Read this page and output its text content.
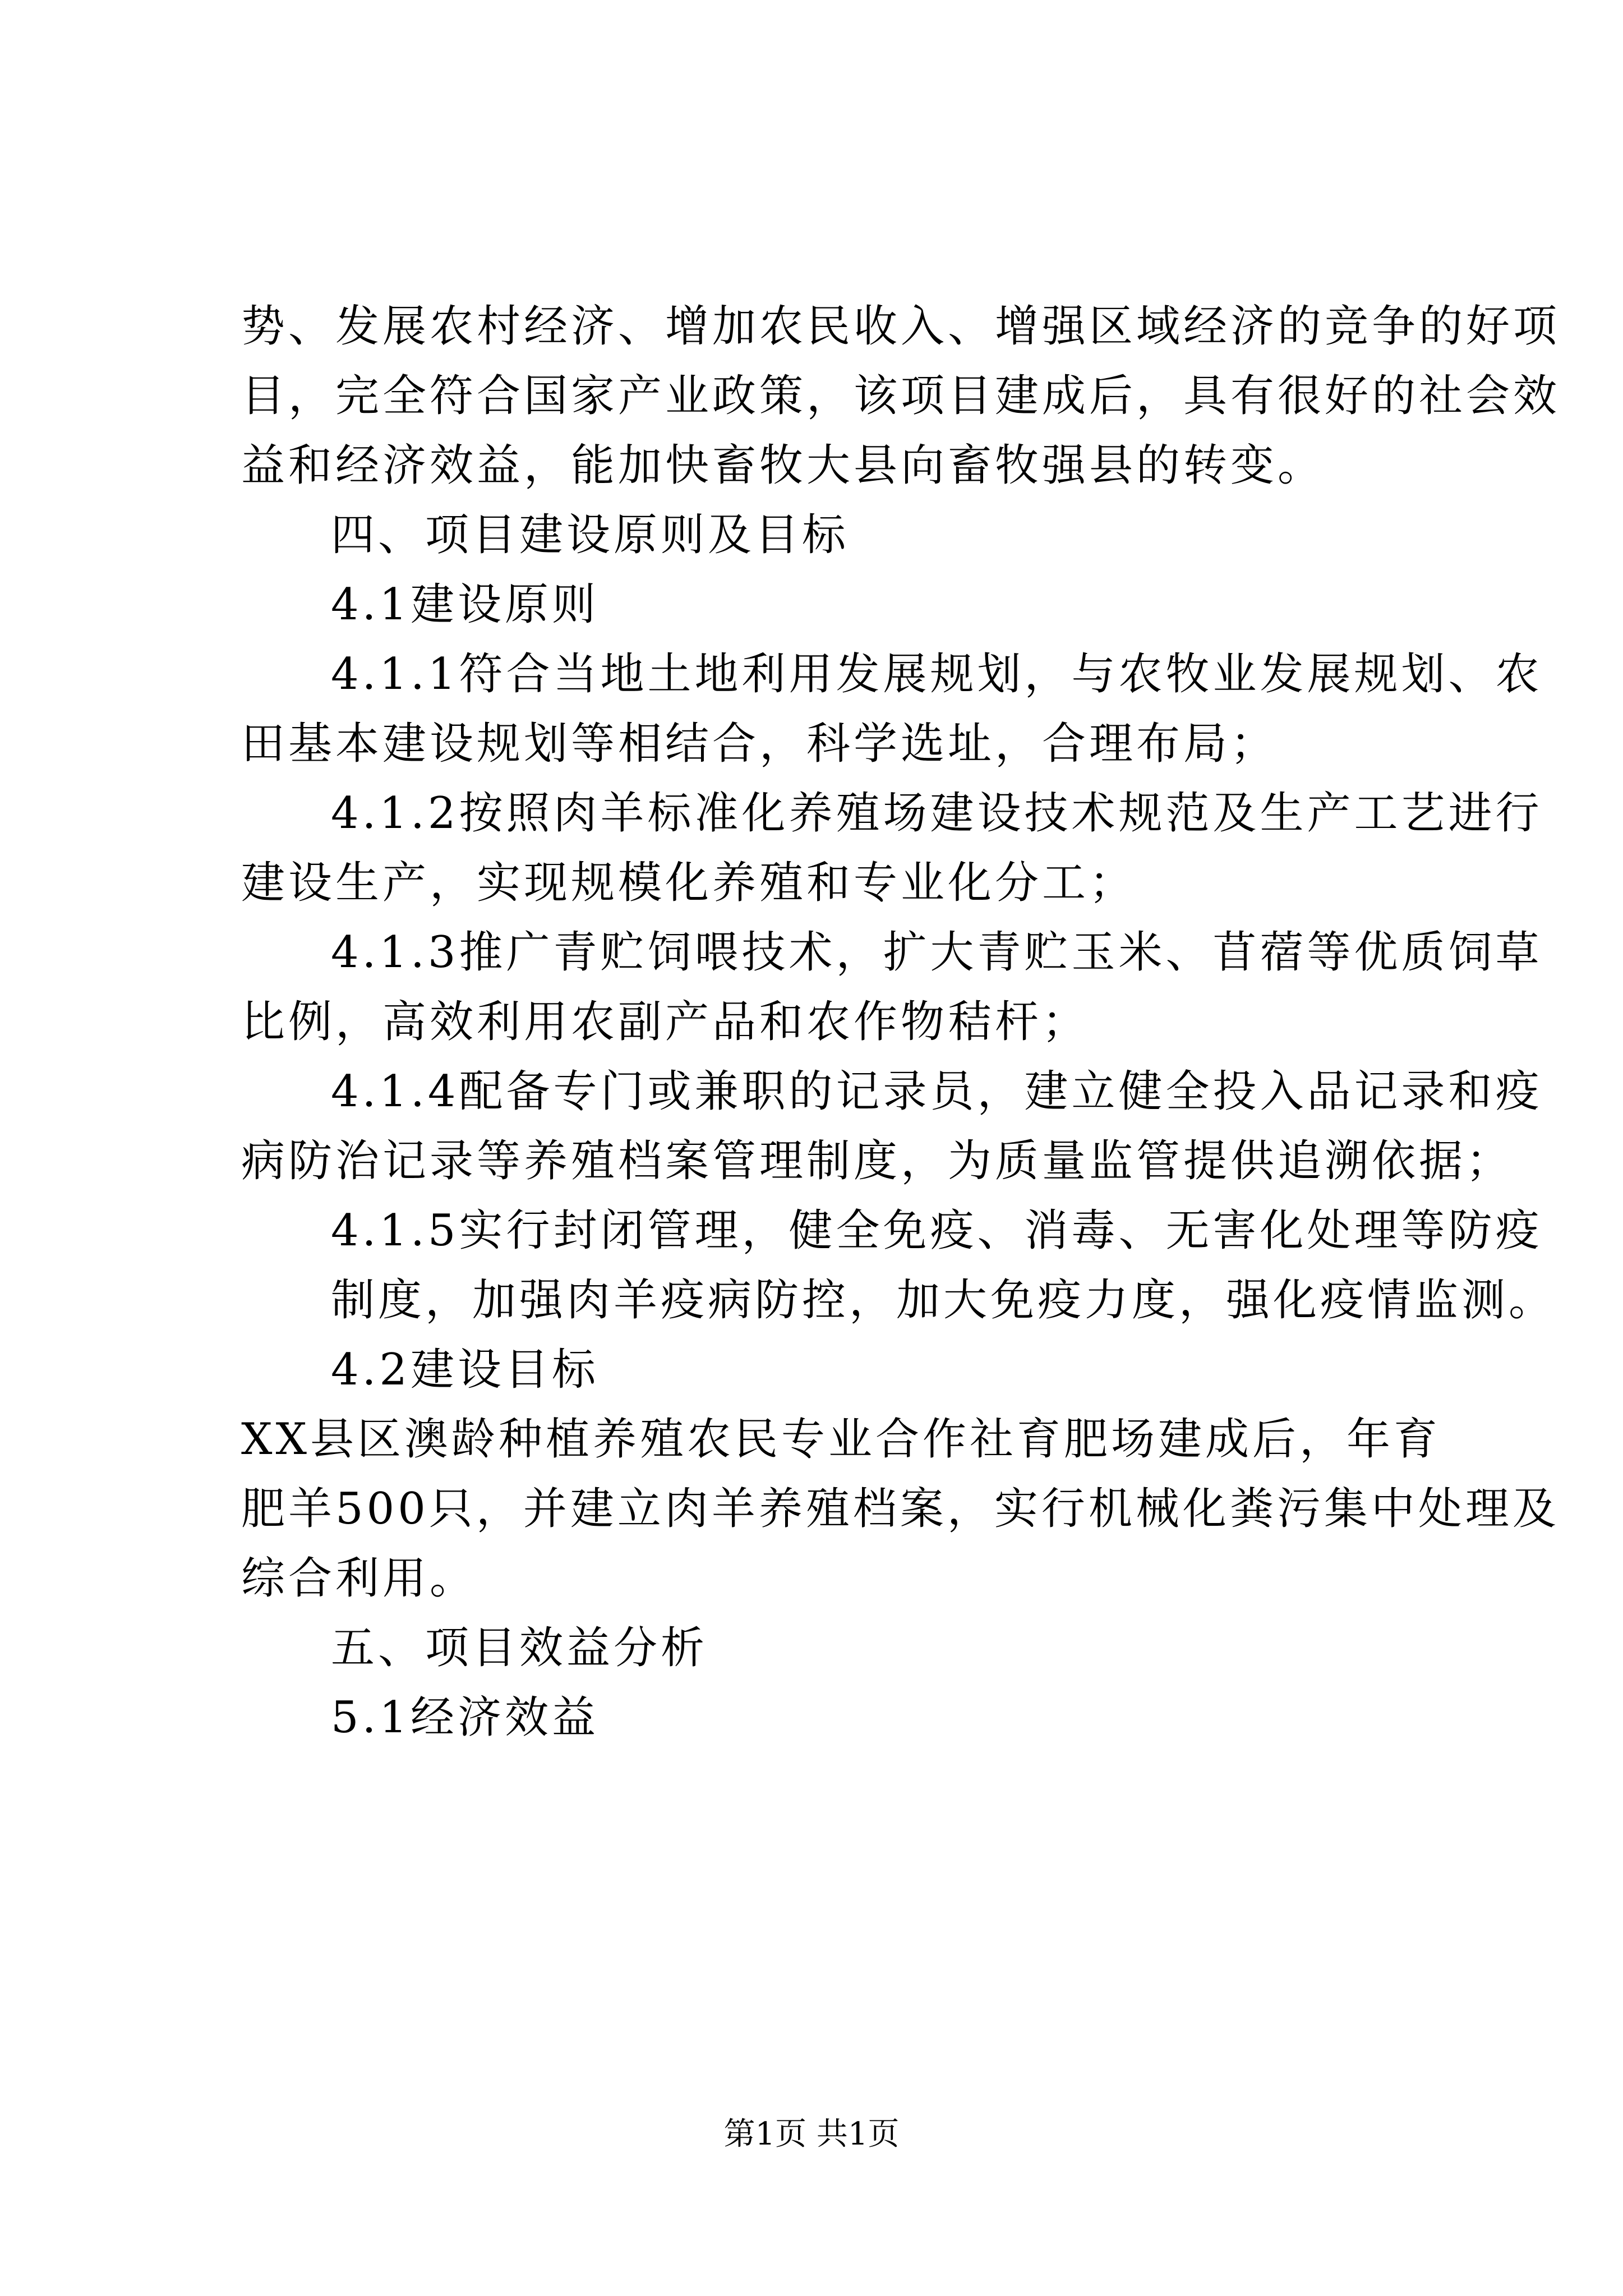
势、发展农村经济、增加农民收入、增强区域经济的竞争的好项

目，完全符合国家产业政策，该项目建成后，具有很好的社会效

益和经济效益，能加快畜牧大县向畜牧强县的转变。

四、项目建设原则及目标

4.1建设原则

4.1.1符合当地土地利用发展规划，与农牧业发展规划、农

田基本建设规划等相结合，科学选址，合理布局；

4.1.2按照肉羊标准化养殖场建设技术规范及生产工艺进行

建设生产，实现规模化养殖和专业化分工；

4.1.3推广青贮饲喂技术，扩大青贮玉米、苜蓿等优质饲草

比例，高效利用农副产品和农作物秸杆；

4.1.4配备专门或兼职的记录员，建立健全投入品记录和疫

病防治记录等养殖档案管理制度，为质量监管提供追溯依据；

4.1.5实行封闭管理，健全免疫、消毒、无害化处理等防疫

制度，加强肉羊疫病防控，加大免疫力度，强化疫情监测。

4.2建设目标

XX县区澳龄种植养殖农民专业合作社育肥场建成后，年育

肥羊500只，并建立肉羊养殖档案，实行机械化粪污集中处理及

综合利用。

五、项目效益分析

5.1经济效益

第1页 共1页
